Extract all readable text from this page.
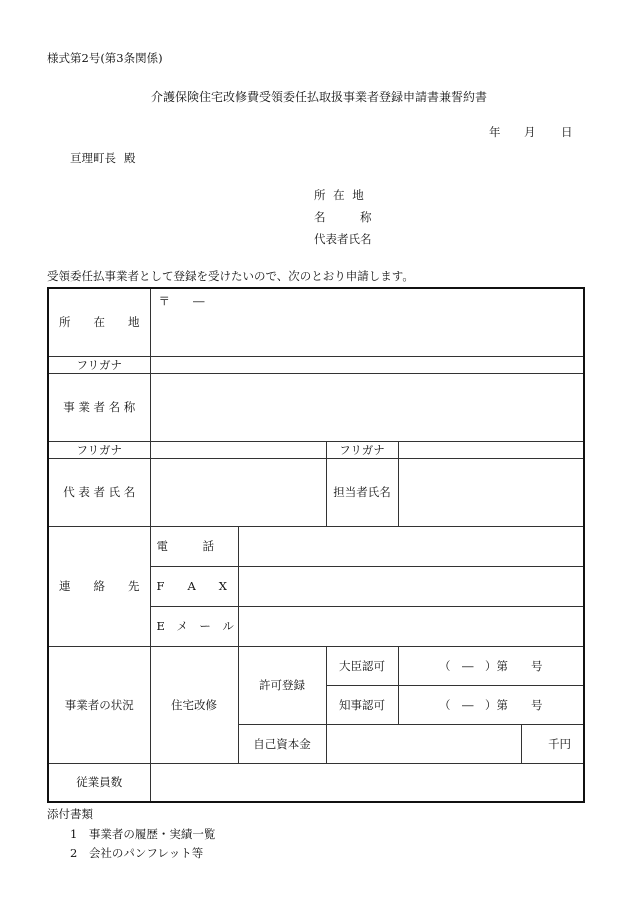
様式第2号(第3条関係)
介護保険住宅改修費受領委任払取扱事業者登録申請書兼誓約書
年 月 日
亘理町長 殿
所 在 地
名　　　称
代表者氏名
受領委任払事業者として登録を受けたいので、次のとおり申請します。
所　　在　　地	〒　　―				
フリガナ					
事 業 者 名 称					
フリガナ			フリガナ		
代 表 者 氏 名			担当者氏名		
連　　絡　　先	電　　　話				
	F　　A　　X				
	E　メ　ー　ル				
事業者の状況	住宅改修	許可登録	大臣認可	（　―　）第　　号	
			知事認可	（　―　）第　　号	
		自己資本金			千円
従業員数					
添付書類
1　事業者の履歴・実績一覧
2　会社のパンフレット等
